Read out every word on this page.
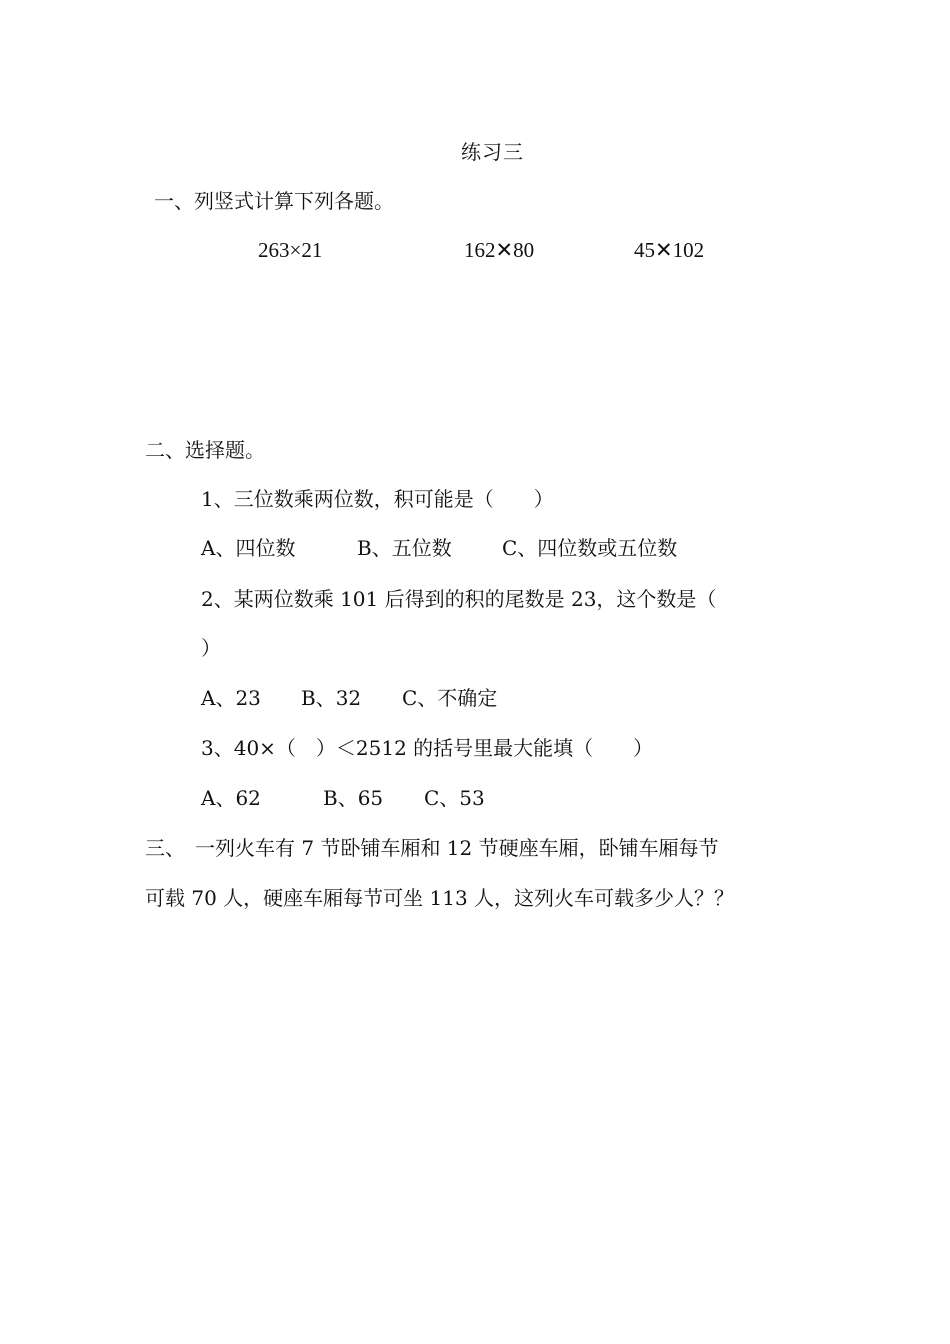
练习三
一、列竖式计算下列各题。
263×21	162✕80	45✕102
二、选择题。
1、三位数乘两位数，积可能是（　　）
A、四位数	B、五位数	C、四位数或五位数
2、某两位数乘 101 后得到的积的尾数是 23，这个数是（
）
A、23 B、32 C、不确定
3、40×（　）＜2512 的括号里最大能填（　　）
A、62	B、65 C、53
三、　一列火车有 7 节卧铺车厢和 12 节硬座车厢，卧铺车厢每节
可载 70 人，硬座车厢每节可坐 113 人，这列火车可载多少人？？
